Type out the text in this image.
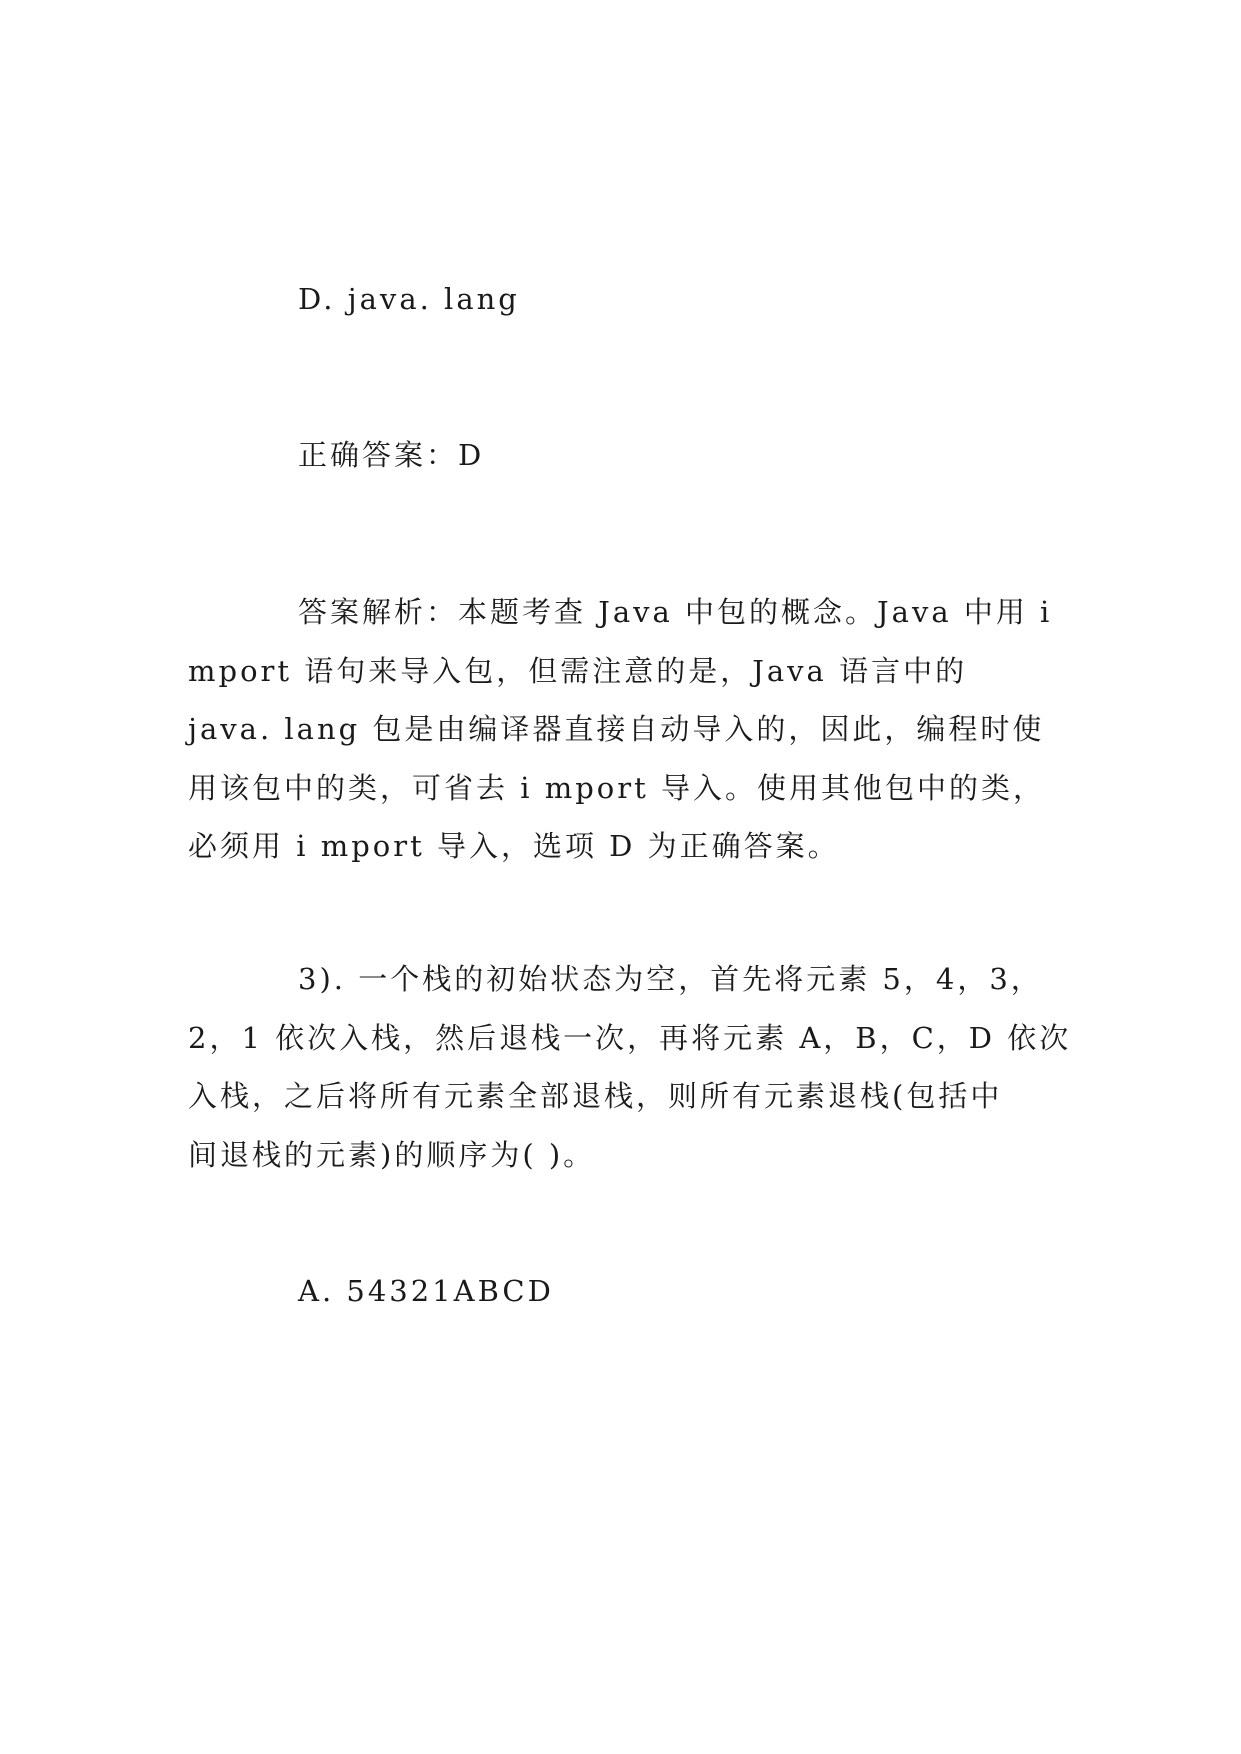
D. java. lang
正确答案：D
答案解析：本题考查 Java 中包的概念。Java 中用 i
mport 语句来导入包，但需注意的是，Java 语言中的
java. lang 包是由编译器直接自动导入的，因此，编程时使
用该包中的类，可省去 i mport 导入。使用其他包中的类，
必须用 i mport 导入，选项 D 为正确答案。
3). 一个栈的初始状态为空，首先将元素 5，4，3，
2，1 依次入栈，然后退栈一次，再将元素 A，B，C，D 依次
入栈，之后将所有元素全部退栈，则所有元素退栈(包括中
间退栈的元素)的顺序为( )。
A. 54321ABCD
